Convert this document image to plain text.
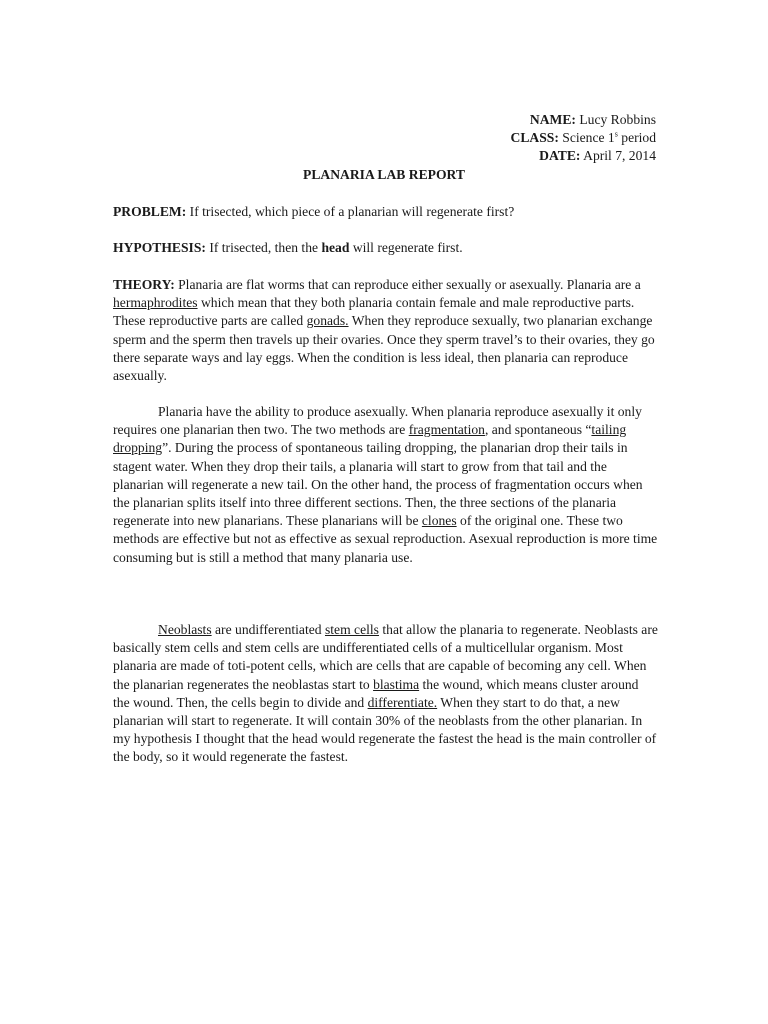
NAME: Lucy Robbins
CLASS: Science 1$^s$ period
DATE: April 7, 2014
PLANARIA LAB REPORT
PROBLEM: If trisected, which piece of a planarian will regenerate first?
HYPOTHESIS: If trisected, then the head will regenerate first.
THEORY: Planaria are flat worms that can reproduce either sexually or asexually. Planaria are a hermaphrodites which mean that they both planaria contain female and male reproductive parts. These reproductive parts are called gonads. When they reproduce sexually, two planarian exchange sperm and the sperm then travels up their ovaries. Once they sperm travel’s to their ovaries, they go there separate ways and lay eggs. When the condition is less ideal, then planaria can reproduce asexually.
Planaria have the ability to produce asexually. When planaria reproduce asexually it only requires one planarian then two. The two methods are fragmentation, and spontaneous “tailing dropping”. During the process of spontaneous tailing dropping, the planarian drop their tails in stagent water. When they drop their tails, a planaria will start to grow from that tail and the planarian will regenerate a new tail. On the other hand, the process of fragmentation occurs when the planarian splits itself into three different sections. Then, the three sections of the planaria regenerate into new planarians. These planarians will be clones of the original one. These two methods are effective but not as effective as sexual reproduction. Asexual reproduction is more time consuming but is still a method that many planaria use.
Neoblasts are undifferentiated stem cells that allow the planaria to regenerate. Neoblasts are basically stem cells and stem cells are undifferentiated cells of a multicellular organism. Most planaria are made of toti-potent cells, which are cells that are capable of becoming any cell. When the planarian regenerates the neoblastas start to blastima the wound, which means cluster around the wound. Then, the cells begin to divide and differentiate. When they start to do that, a new planarian will start to regenerate. It will contain 30% of the neoblasts from the other planarian. In my hypothesis I thought that the head would regenerate the fastest the head is the main controller of the body, so it would regenerate the fastest.
